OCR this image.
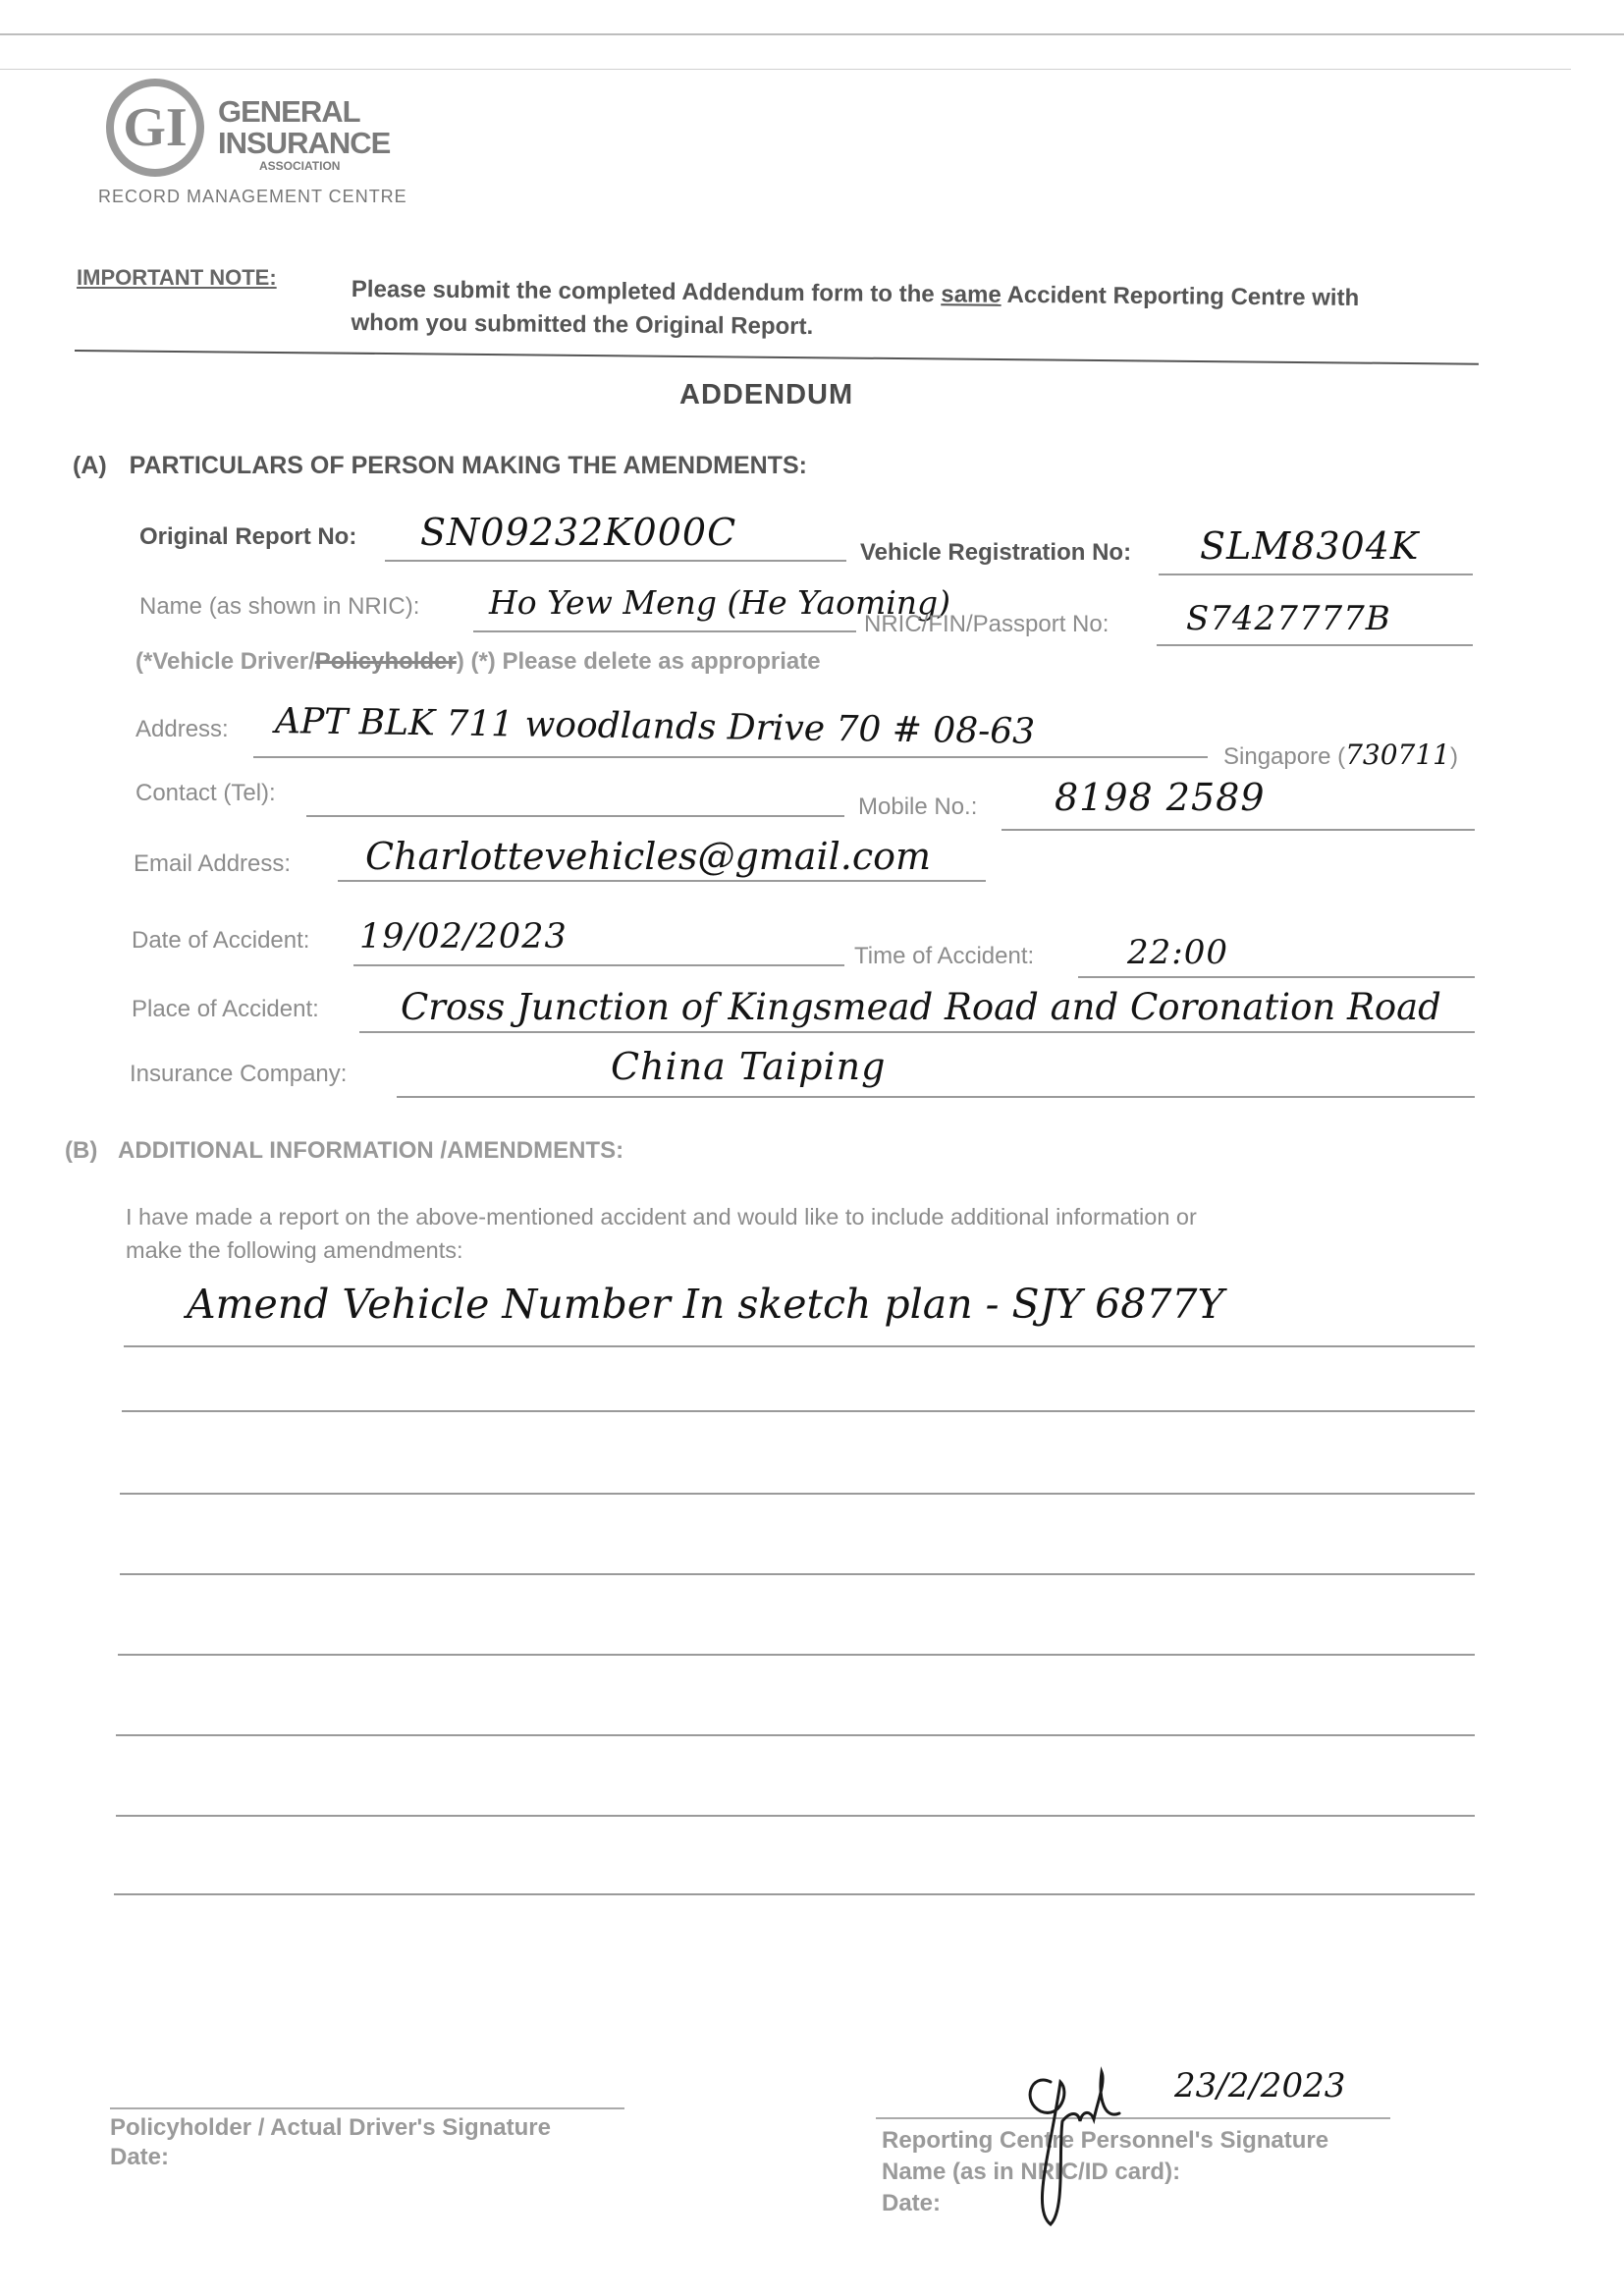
GI	GENERAL
INSURANCE
ASSOCIATION
RECORD MANAGEMENT CENTRE
IMPORTANT NOTE:	Please submit the completed Addendum form to the same Accident Reporting Centre with
whom you submitted the Original Report.
ADDENDUM
(A) PARTICULARS OF PERSON MAKING THE AMENDMENTS:
Original Report No: SN09232K000C	Vehicle Registration No: SLM8304K
Name (as shown in NRIC): Ho Yew Meng (He Yaoming)
NRIC/FIN/Passport No: S7427777B
(*Vehicle Driver/Policyholder) (*) Please delete as appropriate
Address: APT BLK 711 woodlands Drive 70 # 08-63
Singapore (730711)
Contact (Tel):
Mobile No.: 8198 2589
Email Address: Charlottevehicles@gmail.com
Date of Accident: 19/02/2023	Time of Accident:	22:00
Place of Accident: Cross Junction of Kingsmead Road and Coronation Road
Insurance Company:	China Taiping
(B) ADDITIONAL INFORMATION /AMENDMENTS:
I have made a report on the above-mentioned accident and would like to include additional information or
make the following amendments:
Amend Vehicle Number In sketch plan - SJY 6877Y
Policyholder / Actual Driver's Signature
Date:
Reporting Centre Personnel's Signature
Name (as in NRIC/ID card):
Date:
23/2/2023
